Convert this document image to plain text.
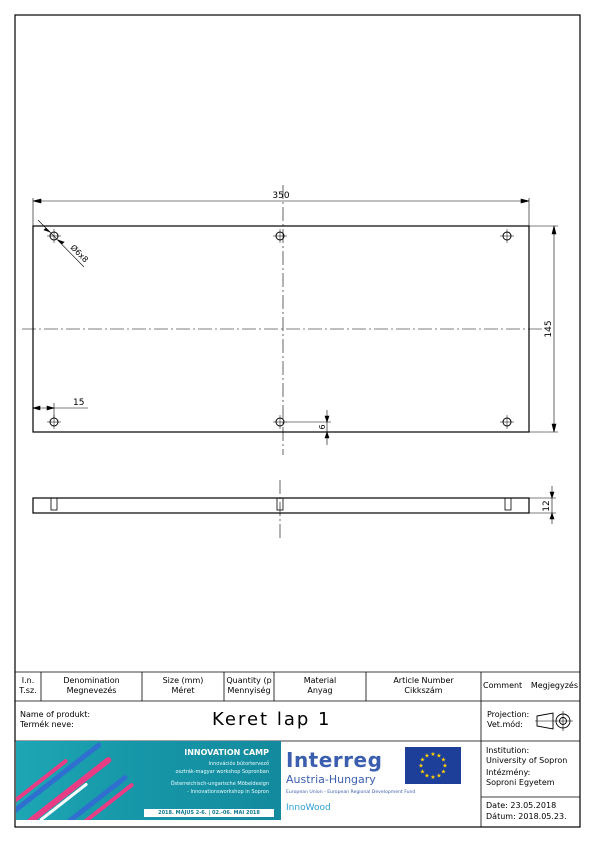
350
145
Ø6x8
15
6
12
I.n.
T.sz.
Denomination
Megnevezés
Size (mm)
Méret
Quantity (p
Mennyiség
Material
Anyag
Article Number
Cikkszám
Comment Megjegyzés
Name of produkt:
Termék neve:	Keret lap 1	Projection:
Vet.mód:
Institution:
University of Sopron
Intézmény:
Soproni Egyetem
Date: 23.05.2018
Dátum: 2018.05.23.
INNOVATION CAMP
Innovációs bútortervező
osztrák-magyar workshop Sopronban
Österreichisch-ungarische Möbeldesign
- Innovationsworkshop in Sopron
2018. MÁJUS 2-6. | 02.-06. MAI 2018
Interreg
Austria-Hungary
European Union - European Regional Development Fund
InnoWood
★ ★
★
★
★
★
★
★
★
★
★
★
